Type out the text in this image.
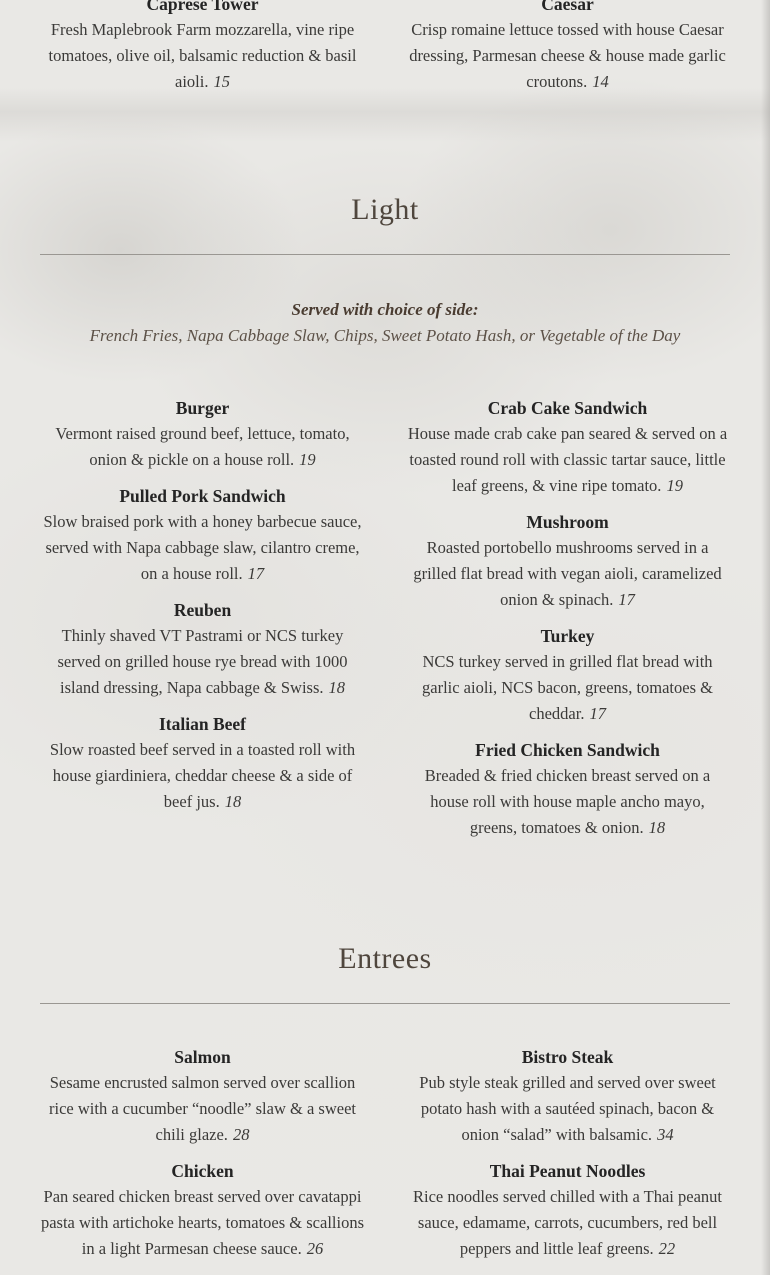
Caprese Tower

Fresh Maplebrook Farm mozzarella, vine ripe tomatoes, olive oil, balsamic reduction & basil aioli. 15

Caesar

Crisp romaine lettuce tossed with house Caesar dressing, Parmesan cheese & house made garlic croutons. 14

Light

Served with choice of side:

French Fries, Napa Cabbage Slaw, Chips, Sweet Potato Hash, or Vegetable of the Day

Burger

Vermont raised ground beef, lettuce, tomato, onion & pickle on a house roll. 19

Pulled Pork Sandwich

Slow braised pork with a honey barbecue sauce, served with Napa cabbage slaw, cilantro creme, on a house roll. 17

Reuben

Thinly shaved VT Pastrami or NCS turkey served on grilled house rye bread with 1000 island dressing, Napa cabbage & Swiss. 18

Italian Beef

Slow roasted beef served in a toasted roll with house giardiniera, cheddar cheese & a side of beef jus. 18

Crab Cake Sandwich

House made crab cake pan seared & served on a toasted round roll with classic tartar sauce, little leaf greens, & vine ripe tomato. 19

Mushroom

Roasted portobello mushrooms served in a grilled flat bread with vegan aioli, caramelized onion & spinach. 17

Turkey

NCS turkey served in grilled flat bread with garlic aioli, NCS bacon, greens, tomatoes & cheddar. 17

Fried Chicken Sandwich

Breaded & fried chicken breast served on a house roll with house maple ancho mayo, greens, tomatoes & onion. 18

Entrees
Salmon

Sesame encrusted salmon served over scallion rice with a cucumber “noodle” slaw & a sweet chili glaze. 28

Chicken

Pan seared chicken breast served over cavatappi pasta with artichoke hearts, tomatoes & scallions in a light Parmesan cheese sauce. 26

Bistro Steak

Pub style steak grilled and served over sweet potato hash with a sautéed spinach, bacon & onion “salad” with balsamic. 34

Thai Peanut Noodles

Rice noodles served chilled with a Thai peanut sauce, edamame, carrots, cucumbers, red bell peppers and little leaf greens. 22
